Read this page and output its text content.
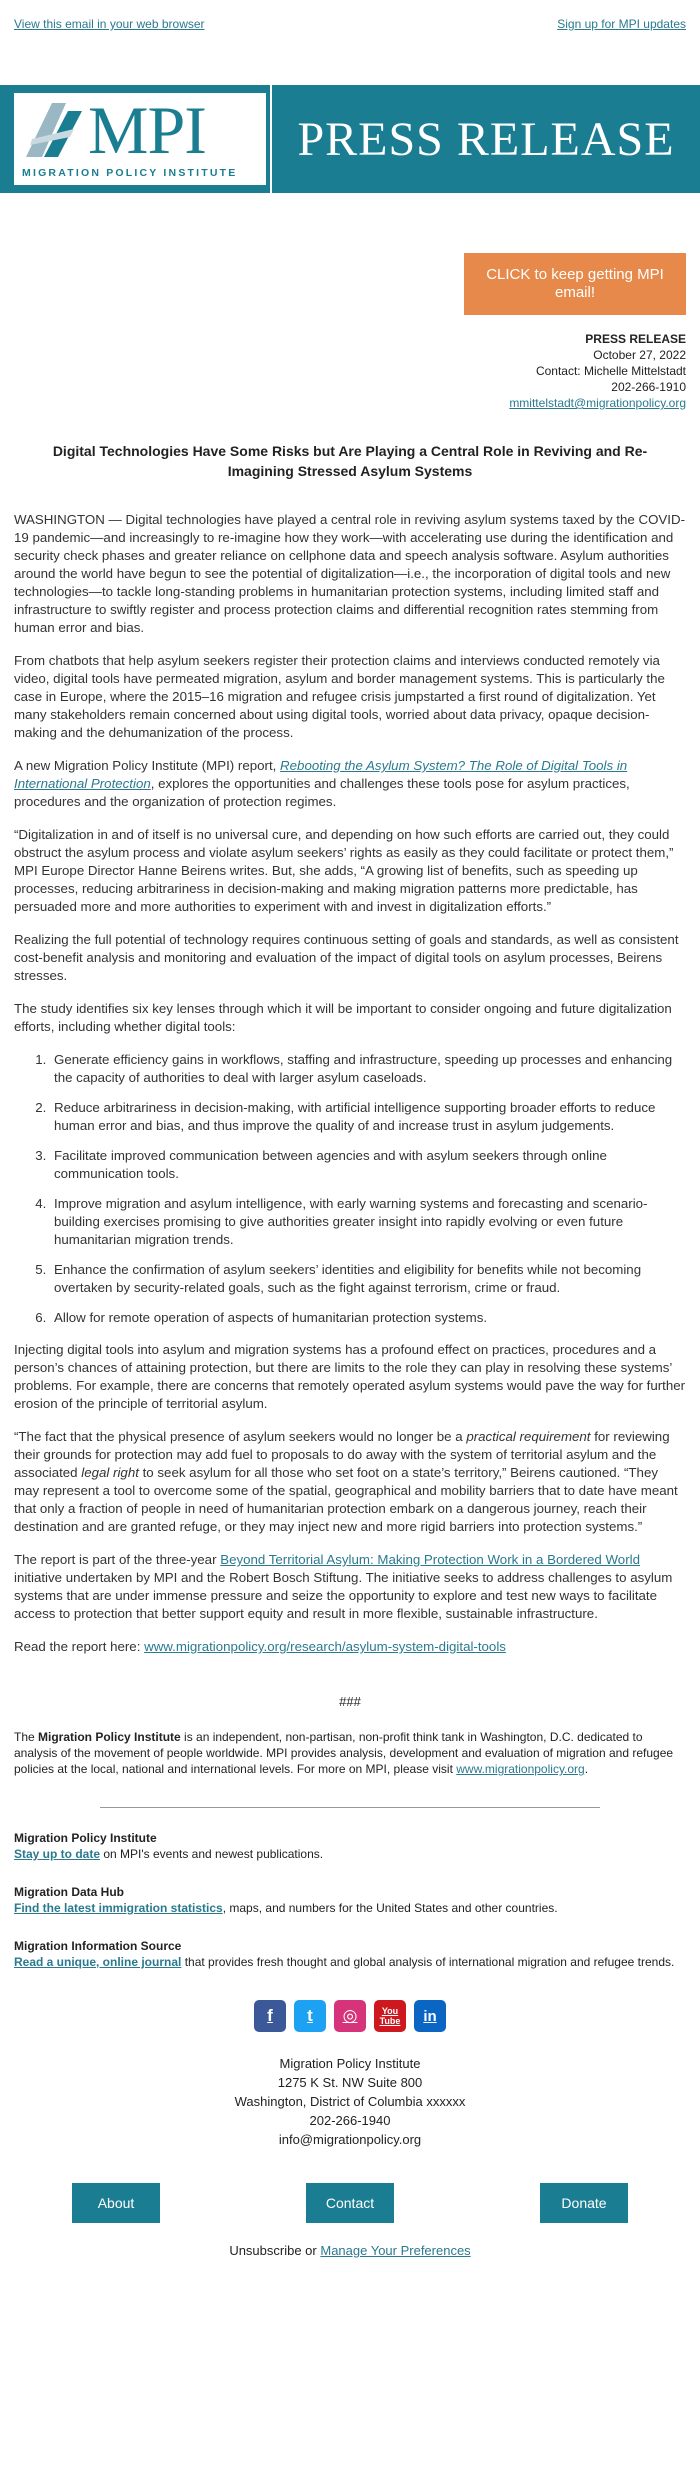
View this email in your web browser	Sign up for MPI updates
MPI
MIGRATION POLICY INSTITUTE
PRESS RELEASE
CLICK to keep getting MPI email!
PRESS RELEASE
October 27, 2022
Contact: Michelle Mittelstadt
202-266-1910
mmittelstadt@migrationpolicy.org
Digital Technologies Have Some Risks but Are Playing a Central Role in Reviving and Re-Imagining Stressed Asylum Systems

WASHINGTON — Digital technologies have played a central role in reviving asylum systems taxed by the COVID-19 pandemic—and increasingly to re-imagine how they work—with accelerating use during the identification and security check phases and greater reliance on cellphone data and speech analysis software. Asylum authorities around the world have begun to see the potential of digitalization—i.e., the incorporation of digital tools and new technologies—to tackle long-standing problems in humanitarian protection systems, including limited staff and infrastructure to swiftly register and process protection claims and differential recognition rates stemming from human error and bias.

From chatbots that help asylum seekers register their protection claims and interviews conducted remotely via video, digital tools have permeated migration, asylum and border management systems. This is particularly the case in Europe, where the 2015–16 migration and refugee crisis jumpstarted a first round of digitalization. Yet many stakeholders remain concerned about using digital tools, worried about data privacy, opaque decision-making and the dehumanization of the process.

A new Migration Policy Institute (MPI) report, Rebooting the Asylum System? The Role of Digital Tools in International Protection, explores the opportunities and challenges these tools pose for asylum practices, procedures and the organization of protection regimes.

“Digitalization in and of itself is no universal cure, and depending on how such efforts are carried out, they could obstruct the asylum process and violate asylum seekers’ rights as easily as they could facilitate or protect them,” MPI Europe Director Hanne Beirens writes. But, she adds, “A growing list of benefits, such as speeding up processes, reducing arbitrariness in decision-making and making migration patterns more predictable, has persuaded more and more authorities to experiment with and invest in digitalization efforts.”

Realizing the full potential of technology requires continuous setting of goals and standards, as well as consistent cost-benefit analysis and monitoring and evaluation of the impact of digital tools on asylum processes, Beirens stresses.

The study identifies six key lenses through which it will be important to consider ongoing and future digitalization efforts, including whether digital tools:

1. Generate efficiency gains in workflows, staffing and infrastructure, speeding up processes and enhancing the capacity of authorities to deal with larger asylum caseloads.
2. Reduce arbitrariness in decision-making, with artificial intelligence supporting broader efforts to reduce human error and bias, and thus improve the quality of and increase trust in asylum judgements.
3. Facilitate improved communication between agencies and with asylum seekers through online communication tools.
4. Improve migration and asylum intelligence, with early warning systems and forecasting and scenario-building exercises promising to give authorities greater insight into rapidly evolving or even future humanitarian migration trends.
5. Enhance the confirmation of asylum seekers’ identities and eligibility for benefits while not becoming overtaken by security-related goals, such as the fight against terrorism, crime or fraud.
6. Allow for remote operation of aspects of humanitarian protection systems.

Injecting digital tools into asylum and migration systems has a profound effect on practices, procedures and a person’s chances of attaining protection, but there are limits to the role they can play in resolving these systems’ problems. For example, there are concerns that remotely operated asylum systems would pave the way for further erosion of the principle of territorial asylum.

“The fact that the physical presence of asylum seekers would no longer be a practical requirement for reviewing their grounds for protection may add fuel to proposals to do away with the system of territorial asylum and the associated legal right to seek asylum for all those who set foot on a state’s territory,” Beirens cautioned. “They may represent a tool to overcome some of the spatial, geographical and mobility barriers that to date have meant that only a fraction of people in need of humanitarian protection embark on a dangerous journey, reach their destination and are granted refuge, or they may inject new and more rigid barriers into protection systems.”

The report is part of the three-year Beyond Territorial Asylum: Making Protection Work in a Bordered World initiative undertaken by MPI and the Robert Bosch Stiftung. The initiative seeks to address challenges to asylum systems that are under immense pressure and seize the opportunity to explore and test new ways to facilitate access to protection that better support equity and result in more flexible, sustainable infrastructure.

Read the report here: www.migrationpolicy.org/research/asylum-system-digital-tools

###
The Migration Policy Institute is an independent, non-partisan, non-profit think tank in Washington, D.C. dedicated to analysis of the movement of people worldwide. MPI provides analysis, development and evaluation of migration and refugee policies at the local, national and international levels. For more on MPI, please visit www.migrationpolicy.org.
Migration Policy Institute
Stay up to date on MPI's events and newest publications.
Migration Data Hub
Find the latest immigration statistics, maps, and numbers for the United States and other countries.
Migration Information Source
Read a unique, online journal that provides fresh thought and global analysis of international migration and refugee trends.
f	t	◎	You Tube	in
Migration Policy Institute
1275 K St. NW Suite 800
Washington, District of Columbia xxxxxx
202-266-1940
info@migrationpolicy.org
About	Contact	Donate
Unsubscribe or Manage Your Preferences
